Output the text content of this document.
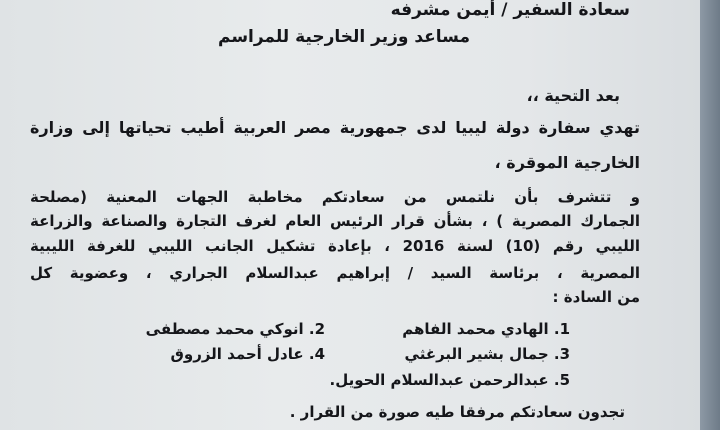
سعادة السفير / أيمن مشرفه
مساعد وزير الخارجية للمراسم
بعد التحية ،،
تهدي سفارة دولة ليبيا لدى جمهورية مصر العربية أطيب تحياتها إلى وزارة
الخارجية الموقرة ،
و تتشرف بأن نلتمس من سعادتكم مخاطبة الجهات المعنية (مصلحة
الجمارك المصرية ) ، بشأن قرار الرئيس العام لغرف التجارة والصناعة والزراعة
الليبي رقم (10) لسنة 2016 ، بإعادة تشكيل الجانب الليبي للغرفة الليبية
المصرية ، برئاسة السيد / إبراهيم عبدالسلام الجراري ، وعضوية كل
من السادة :
1. الهادي محمد الفاهم
2. انوكي محمد مصطفى
3. جمال بشير البرغثي
4. عادل أحمد الزروق
5. عبدالرحمن عبدالسلام الحويل.
تجدون سعادتكم مرفقا طيه صورة من القرار .
